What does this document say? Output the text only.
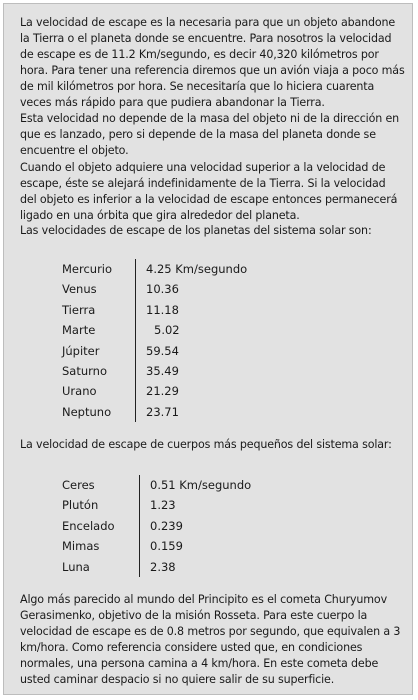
La velocidad de escape es la necesaria para que un objeto abandone la Tierra o el planeta donde se encuentre. Para nosotros la velocidad de escape es de 11.2 Km/segundo, es decir 40,320 kilómetros por hora. Para tener una referencia diremos que un avión viaja a poco más de mil kilómetros por hora. Se necesitaría que lo hiciera cuarenta veces más rápido para que pudiera abandonar la Tierra.

Esta velocidad no depende de la masa del objeto ni de la dirección en que es lanzado, pero si depende de la masa del planeta donde se encuentre el objeto.

Cuando el objeto adquiere una velocidad superior a la velocidad de escape, éste se alejará indefinidamente de la Tierra. Si la velocidad del objeto es inferior a la velocidad de escape entonces permanecerá ligado en una órbita que gira alrededor del planeta.

Las velocidades de escape de los planetas del sistema solar son:

Mercurio	4.25 Km/segundo
Venus	10.36
Tierra	11.18
Marte	5.02
Júpiter	59.54
Saturno	35.49
Urano	21.29
Neptuno	23.71

La velocidad de escape de cuerpos más pequeños del sistema solar:

Ceres	0.51 Km/segundo
Plutón	1.23
Encelado	0.239
Mimas	0.159
Luna	2.38

Algo más parecido al mundo del Principito es el cometa Churyumov Gerasimenko, objetivo de la misión Rosseta. Para este cuerpo la velocidad de escape es de 0.8 metros por segundo, que equivalen a 3 km/hora. Como referencia considere usted que, en condiciones normales, una persona camina a 4 km/hora. En este cometa debe usted caminar despacio si no quiere salir de su superficie.
